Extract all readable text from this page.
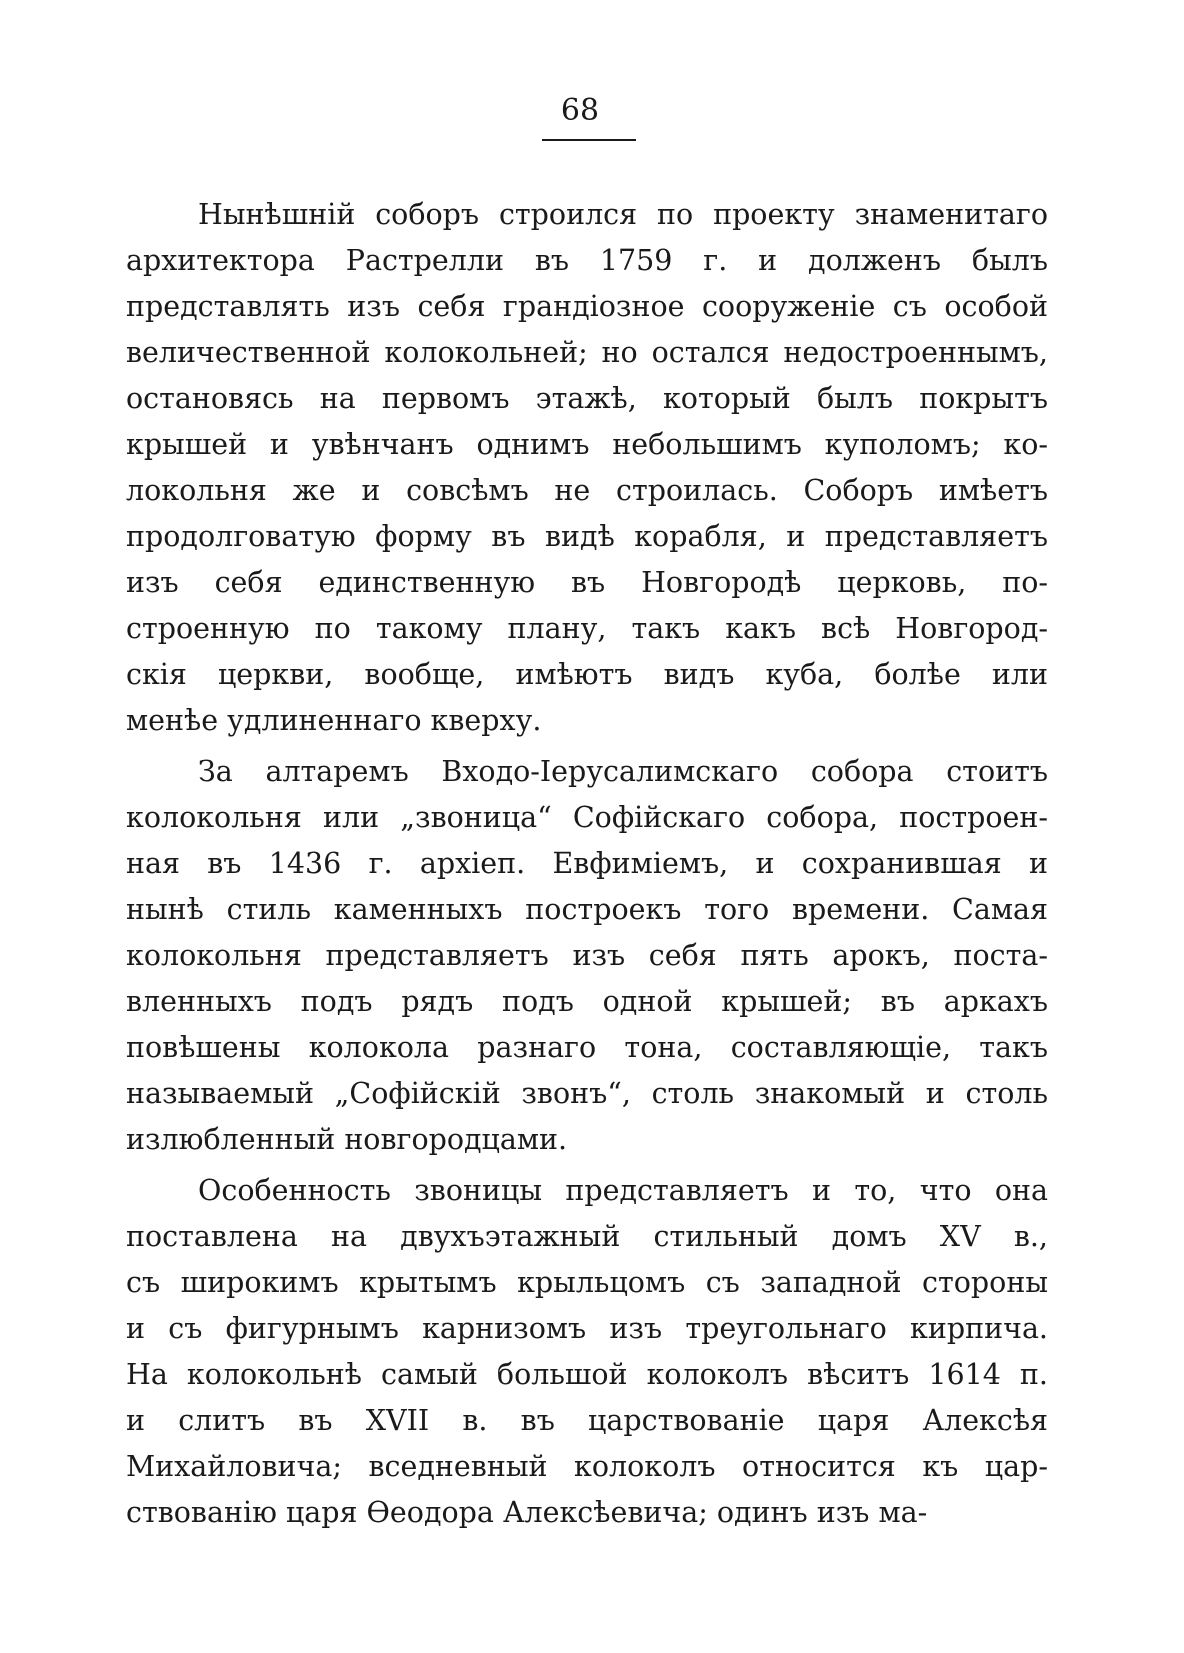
68
Нынѣшній соборъ строился по проекту знаменитаго
архитектора Растрелли въ 1759 г. и долженъ былъ
представлять изъ себя грандіозное сооруженіе съ особой
величественной колокольней; но остался недостроеннымъ,
остановясь на первомъ этажѣ, который былъ покрытъ
крышей и увѣнчанъ однимъ небольшимъ куполомъ; ко-
локольня же и совсѣмъ не строилась. Соборъ имѣетъ
продолговатую форму въ видѣ корабля, и представляетъ
изъ себя единственную въ Новгородѣ церковь, по-
строенную по такому плану, такъ какъ всѣ Новгород-
скія церкви, вообще, имѣютъ видъ куба, болѣе или
менѣе удлиненнаго кверху.
За алтаремъ Входо-Іерусалимскаго собора стоитъ
колокольня или „звоница“ Софійскаго собора, построен-
ная въ 1436 г. архіеп. Евфиміемъ, и сохранившая и
нынѣ стиль каменныхъ построекъ того времени. Самая
колокольня представляетъ изъ себя пять арокъ, поста-
вленныхъ подъ рядъ подъ одной крышей; въ аркахъ
повѣшены колокола разнаго тона, составляющіе, такъ
называемый „Софійскій звонъ“, столь знакомый и столь
излюбленный новгородцами.
Особенность звоницы представляетъ и то, что она
поставлена на двухъэтажный стильный домъ XV в.,
съ широкимъ крытымъ крыльцомъ съ западной стороны
и съ фигурнымъ карнизомъ изъ треугольнаго кирпича.
На колокольнѣ самый большой колоколъ вѣситъ 1614 п.
и слитъ въ XVII в. въ царствованіе царя Алексѣя
Михайловича; вседневный колоколъ относится къ цар-
ствованію царя Ѳеодора Алексѣевича; одинъ изъ ма-
